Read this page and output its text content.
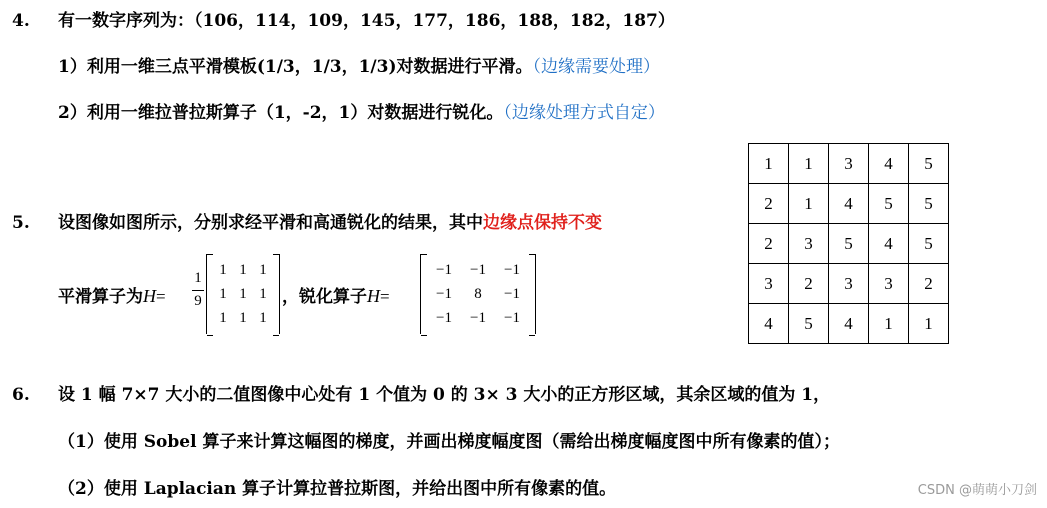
4. 有一数字序列为：（106，114，109，145，177，186，188，182，187）
1）利用一维三点平滑模板(1/3，1/3，1/3)对数据进行平滑。（边缘需要处理）
2）利用一维拉普拉斯算子（1，-2，1）对数据进行锐化。（边缘处理方式自定）
5. 设图像如图所示，分别求经平滑和高通锐化的结果，其中边缘点保持不变
平滑算子为H=
1
9
1	1	1
1	1	1
1	1	1
，锐化算子H=
−1	−1	−1
−1	8	−1
−1	−1	−1
1	1	3	4	5
2	1	4	5	5
2	3	5	4	5
3	2	3	3	2
4	5	4	1	1
6. 设 1 幅 7×7 大小的二值图像中心处有 1 个值为 0 的 3× 3 大小的正方形区域，其余区域的值为 1，
（1）使用 Sobel 算子来计算这幅图的梯度，并画出梯度幅度图（需给出梯度幅度图中所有像素的值）；
（2）使用 Laplacian 算子计算拉普拉斯图，并给出图中所有像素的值。	CSDN @萌萌小刀剑
